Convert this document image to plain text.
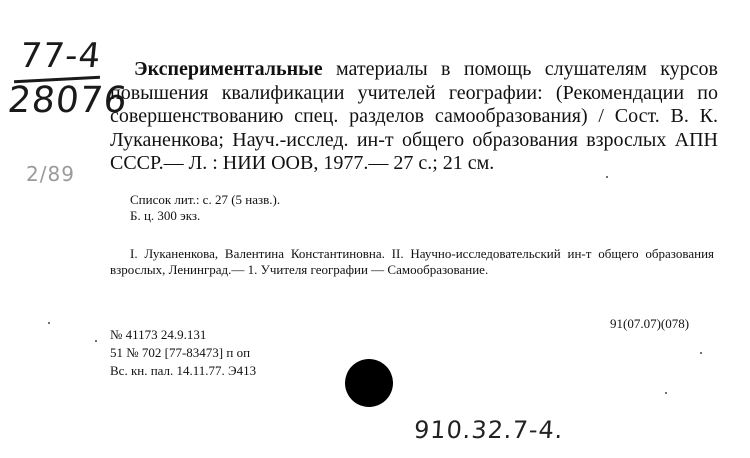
77-4
28076
2/89

Экспериментальные материалы в помощь слушателям курсов повышения квалификации учителей географии: (Рекомендации по совершенствованию спец. разделов самообразования) / Сост. В. К. Луканенкова; Науч.-исслед. ин-т общего образования взрослых АПН СССР.— Л. : НИИ ООВ, 1977.— 27 с.; 21 см.

Список лит.: с. 27 (5 назв.).
Б. ц. 300 экз.
I. Луканенкова, Валентина Константиновна. II. Научно-исследовательский ин-т общего образования взрослых, Ленинград.— 1. Учителя географии — Самообразование.
91(07.07)(078)
№ 41173 24.9.131
51 № 702 [77-83473] п оп
Вс. кн. пал. 14.11.77. Э413
910.32.7-4.
